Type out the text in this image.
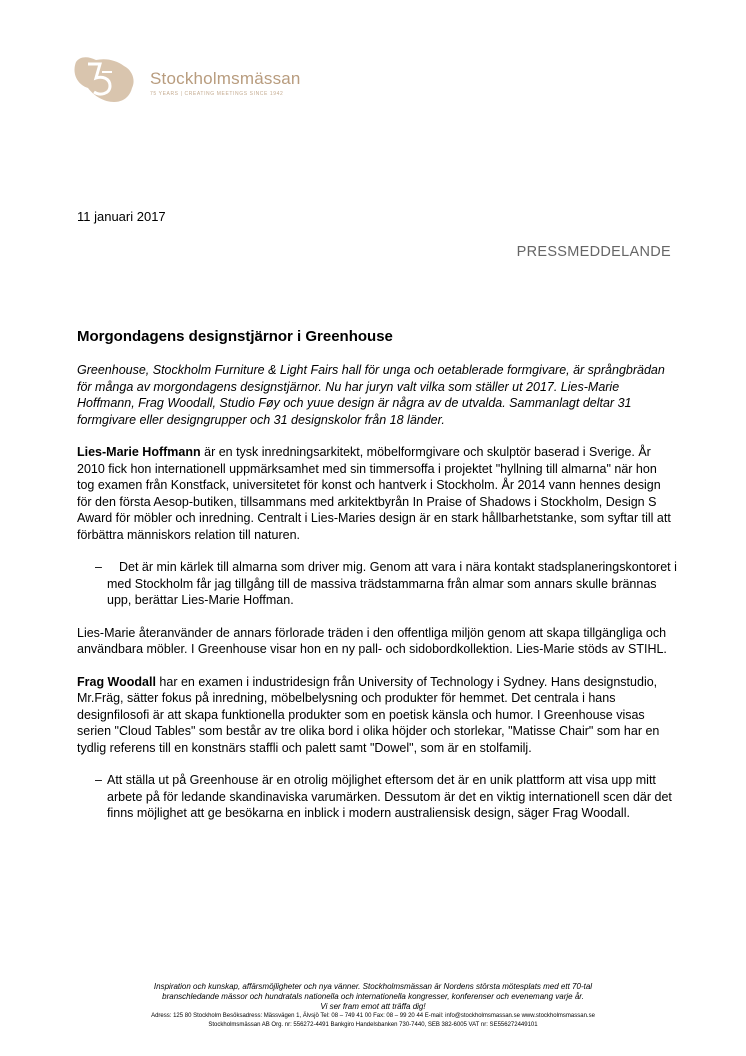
Stockholmsmässan
75 YEARS | CREATING MEETINGS SINCE 1942
11 januari 2017
PRESSMEDDELANDE
Morgondagens designstjärnor i Greenhouse

Greenhouse, Stockholm Furniture & Light Fairs hall för unga och oetablerade formgivare, är språngbrädan för många av morgondagens designstjärnor. Nu har juryn valt vilka som ställer ut 2017. Lies-Marie Hoffmann, Frag Woodall, Studio Føy och yuue design är några av de utvalda. Sammanlagt deltar 31 formgivare eller designgrupper och 31 designskolor från 18 länder.

Lies-Marie Hoffmann är en tysk inredningsarkitekt, möbelformgivare och skulptör baserad i Sverige. År 2010 fick hon internationell uppmärksamhet med sin timmersoffa i projektet "hyllning till almarna" när hon tog examen från Konstfack, universitetet för konst och hantverk i Stockholm. År 2014 vann hennes design för den första Aesop-butiken, tillsammans med arkitektbyrån In Praise of Shadows i Stockholm, Design S Award för möbler och inredning. Centralt i Lies-Maries design är en stark hållbarhetstanke, som syftar till att förbättra människors relation till naturen.

–	Det är min kärlek till almarna som driver mig. Genom att vara i nära kontakt stadsplaneringskontoret i med Stockholm får jag tillgång till de massiva trädstammarna från almar som annars skulle brännas upp, berättar Lies-Marie Hoffman.

Lies-Marie återanvänder de annars förlorade träden i den offentliga miljön genom att skapa tillgängliga och användbara möbler. I Greenhouse visar hon en ny pall- och sidobordkollektion. Lies-Marie stöds av STIHL.

Frag Woodall har en examen i industridesign från University of Technology i Sydney. Hans designstudio, Mr.Fräg, sätter fokus på inredning, möbelbelysning och produkter för hemmet. Det centrala i hans designfilosofi är att skapa funktionella produkter som en poetisk känsla och humor. I Greenhouse visas serien "Cloud Tables" som består av tre olika bord i olika höjder och storlekar, "Matisse Chair" som har en tydlig referens till en konstnärs staffli och palett samt "Dowel", som är en stolfamilj.

– Att ställa ut på Greenhouse är en otrolig möjlighet eftersom det är en unik plattform att visa upp mitt arbete på för ledande skandinaviska varumärken. Dessutom är det en viktig internationell scen där det finns möjlighet att ge besökarna en inblick i modern australiensisk design, säger Frag Woodall.
Inspiration och kunskap, affärsmöjligheter och nya vänner. Stockholmsmässan är Nordens största mötesplats med ett 70-tal
branschledande mässor och hundratals nationella och internationella kongresser, konferenser och evenemang varje år.
Vi ser fram emot att träffa dig!
Adress: 125 80 Stockholm Besöksadress: Mässvägen 1, Älvsjö Tel: 08 – 749 41 00 Fax: 08 – 99 20 44 E-mail: info@stockholmsmassan.se www.stockholmsmassan.se
Stockholmsmässan AB Org. nr: 556272-4491 Bankgiro Handelsbanken 730-7440, SEB 382-6005 VAT nr: SE556272449101
